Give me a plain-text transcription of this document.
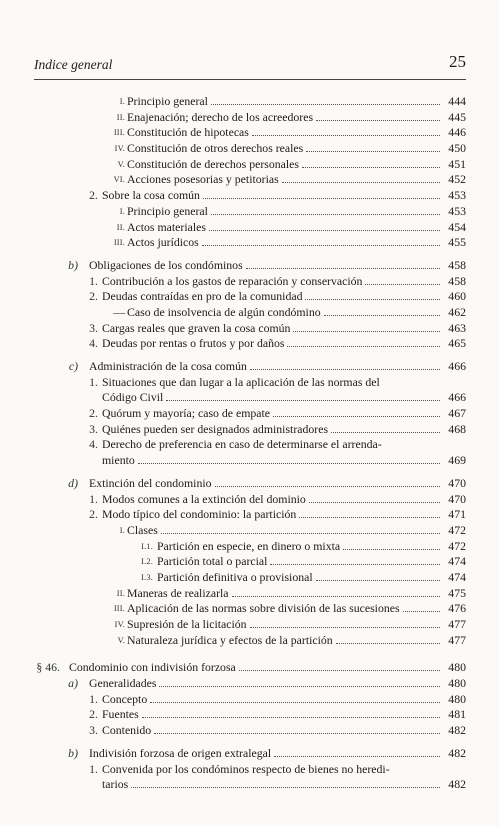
Indice general	25
I. Principio general	444
II. Enajenación; derecho de los acreedores	445
III. Constitución de hipotecas	446
IV. Constitución de otros derechos reales	450
V. Constitución de derechos personales	451
VI. Acciones posesorias y petitorias	452
2. Sobre la cosa común	453
I. Principio general	453
II. Actos materiales	454
III. Actos jurídicos	455
b) Obligaciones de los condóminos	458
1. Contribución a los gastos de reparación y conservación	458
2. Deudas contraídas en pro de la comunidad	460
— Caso de insolvencia de algún condómino	462
3. Cargas reales que graven la cosa común	463
4. Deudas por rentas o frutos y por daños	465
c) Administración de la cosa común	466
1. Situaciones que dan lugar a la aplicación de las normas del
Código Civil	466
2. Quórum y mayoría; caso de empate	467
3. Quiénes pueden ser designados administradores	468
4. Derecho de preferencia en caso de determinarse el arrenda-
miento	469
d) Extinción del condominio	470
1. Modos comunes a la extinción del dominio	470
2. Modo típico del condominio: la partición	471
I. Clases	472
I.1. Partición en especie, en dinero o mixta	472
I.2. Partición total o parcial	474
I.3. Partición definitiva o provisional	474
II. Maneras de realizarla	475
III. Aplicación de las normas sobre división de las sucesiones	476
IV. Supresión de la licitación	477
V. Naturaleza jurídica y efectos de la partición	477
§ 46. Condominio con indivisión forzosa	480
a) Generalidades	480
1. Concepto	480
2. Fuentes	481
3. Contenido	482
b) Indivisión forzosa de origen extralegal	482
1. Convenida por los condóminos respecto de bienes no heredi-
tarios	482
